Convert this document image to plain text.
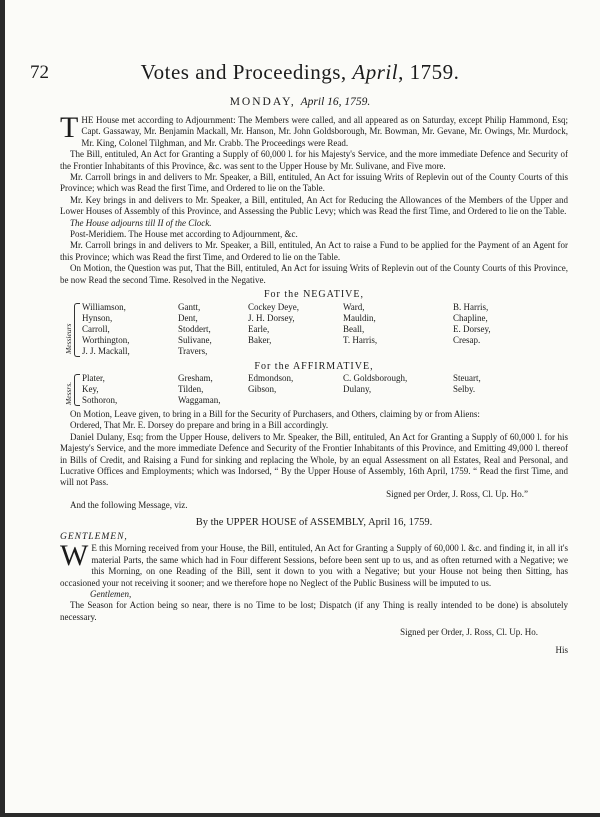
72	Votes and Proceedings, April, 1759.
MONDAY, April 16, 1759.

THE House met according to Adjournment: The Members were called, and all appeared as on Saturday, except Philip Hammond, Esq; Capt. Gassaway, Mr. Benjamin Mackall, Mr. Hanson, Mr. John Goldsborough, Mr. Bowman, Mr. Gevane, Mr. Owings, Mr. Murdock, Mr. King, Colonel Tilghman, and Mr. Crabb. The Proceedings were Read.

The Bill, entituled, An Act for Granting a Supply of 60,000 l. for his Majesty's Service, and the more immediate Defence and Security of the Frontier Inhabitants of this Province, &c. was sent to the Upper House by Mr. Sulivane, and Five more.

Mr. Carroll brings in and delivers to Mr. Speaker, a Bill, entituled, An Act for issuing Writs of Replevin out of the County Courts of this Province; which was Read the first Time, and Ordered to lie on the Table.

Mr. Key brings in and delivers to Mr. Speaker, a Bill, entituled, An Act for Reducing the Allowances of the Members of the Upper and Lower Houses of Assembly of this Province, and Assessing the Public Levy; which was Read the first Time, and Ordered to lie on the Table.

The House adjourns till II of the Clock.

Post-Meridiem. The House met according to Adjournment, &c.

Mr. Carroll brings in and delivers to Mr. Speaker, a Bill, entituled, An Act to raise a Fund to be applied for the Payment of an Agent for this Province; which was Read the first Time, and Ordered to lie on the Table.

On Motion, the Question was put, That the Bill, entituled, An Act for issuing Writs of Replevin out of the County Courts of this Province, be now Read the second Time. Resolved in the Negative.

For the NEGATIVE,
Messieurs
Williamson,	Gantt,	Cockey Deye,	Ward,	B. Harris,
Hynson,	Dent,	J. H. Dorsey,	Mauldin,	Chapline,
Carroll,	Stoddert,	Earle,	Beall,	E. Dorsey,
Worthington,	Sulivane,	Baker,	T. Harris,	Cresap.
J. J. Mackall,	Travers,
For the AFFIRMATIVE,
Messrs.
Plater,	Gresham,	Edmondson,	C. Goldsborough,	Steuart,
Key,	Tilden,	Gibson,	Dulany,	Selby.
Sothoron,	Waggaman,

On Motion, Leave given, to bring in a Bill for the Security of Purchasers, and Others, claiming by or from Aliens:

Ordered, That Mr. E. Dorsey do prepare and bring in a Bill accordingly.

Daniel Dulany, Esq; from the Upper House, delivers to Mr. Speaker, the Bill, entituled, An Act for Granting a Supply of 60,000 l. for his Majesty's Service, and the more immediate Defence and Security of the Frontier Inhabitants of this Province, and Emitting 49,000 l. thereof in Bills of Credit, and Raising a Fund for sinking and replacing the Whole, by an equal Assessment on all Estates, Real and Personal, and Lucrative Offices and Employments; which was Indorsed, “ By the Upper House of Assembly, 16th April, 1759. “ Read the first Time, and will not Pass.

Signed per Order, J. Ross, Cl. Up. Ho.”

And the following Message, viz.

By the UPPER HOUSE of ASSEMBLY, April 16, 1759.
GENTLEMEN,

W E this Morning received from your House, the Bill, entituled, An Act for Granting a Supply of 60,000 l. &c. and finding it, in all it's material Parts, the same which had in Four different Sessions, before been sent up to us, and as often returned with a Negative; we this Morning, on one Reading of the Bill, sent it down to you with a Negative; but your House not being then Sitting, has occasioned your not receiving it sooner; and we therefore hope no Neglect of the Public Business will be imputed to us.

Gentlemen,

The Season for Action being so near, there is no Time to be lost; Dispatch (if any Thing is really intended to be done) is absolutely necessary.

Signed per Order, J. Ross, Cl. Up. Ho.
His
